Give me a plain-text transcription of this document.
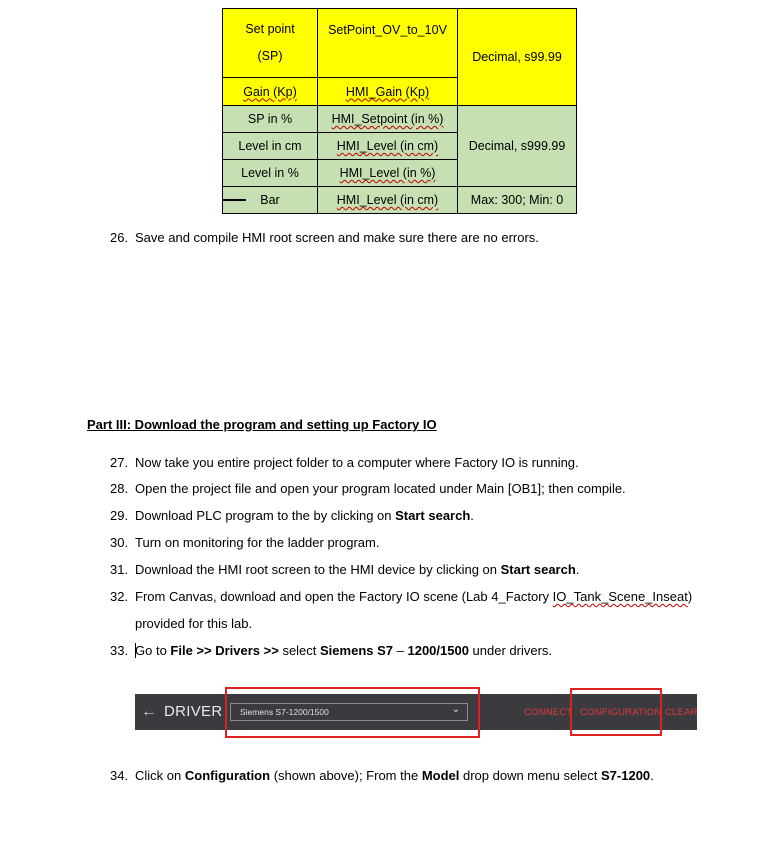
Set point
(SP)	SetPoint_OV_to_10V	Decimal, s99.99
Gain (Kp)	HMI_Gain (Kp)	
SP in %	HMI_Setpoint (in %)	Decimal, s999.99
Level in cm	HMI_Level (in cm)	
Level in %	HMI_Level (in %)	
Bar	HMI_Level (in cm)	Max: 300; Min: 0
26. Save and compile HMI root screen and make sure there are no errors.
Part III: Download the program and setting up Factory IO
27. Now take you entire project folder to a computer where Factory IO is running.
28. Open the project file and open your program located under Main [OB1]; then compile.
29. Download PLC program to the by clicking on Start search.
30. Turn on monitoring for the ladder program.
31. Download the HMI root screen to the HMI device by clicking on Start search.
32. From Canvas, download and open the Factory IO scene (Lab 4_Factory IO_Tank_Scene_Inseat)
provided for this lab.
33. Go to File >> Drivers >> select Siemens S7 – 1200/1500 under drivers.
← DRIVER Siemens S7-1200/1500	⌄	CONNECT CONFIGURATION CLEAR
34. Click on Configuration (shown above); From the Model drop down menu select S7-1200.
